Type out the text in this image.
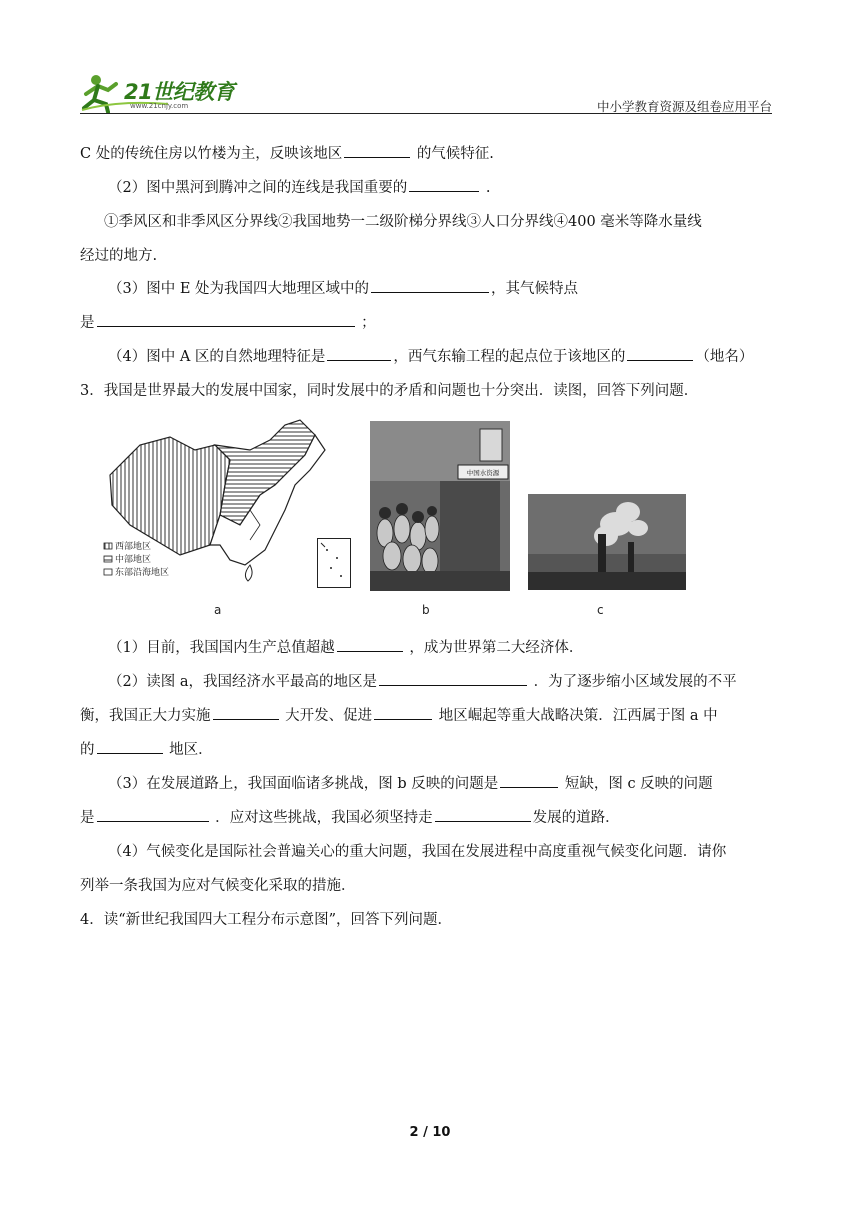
21世纪教育
www.21cnjy.com	中小学教育资源及组卷应用平台
C 处的传统住房以竹楼为主，反映该地区	的气候特征.
（2）图中黑河到腾冲之间的连线是我国重要的	.
①季风区和非季风区分界线②我国地势一二级阶梯分界线③人口分界线④400 毫米等降水量线
经过的地方.
（3）图中 E 处为我国四大地理区域中的	，其气候特点
是	；
（4）图中 A 区的自然地理特征是	，西气东输工程的起点位于该地区的	（地名）
3．我国是世界最大的发展中国家，同时发展中的矛盾和问题也十分突出．读图，回答下列问题．
西部地区
中部地区
东部沿海地区
中国水资源
a	b	c
（1）目前，我国国内生产总值超越	，成为世界第二大经济体．
（2）读图 a，我国经济水平最高的地区是	．为了逐步缩小区域发展的不平
衡，我国正大力实施	大开发、促进	地区崛起等重大战略决策．江西属于图 a 中
的	地区．
（3）在发展道路上，我国面临诸多挑战，图 b 反映的问题是	短缺，图 c 反映的问题
是	．应对这些挑战，我国必须坚持走	发展的道路．
（4）气候变化是国际社会普遍关心的重大问题，我国在发展进程中高度重视气候变化问题．请你
列举一条我国为应对气候变化采取的措施．
4．读“新世纪我国四大工程分布示意图”，回答下列问题．
2 / 10
